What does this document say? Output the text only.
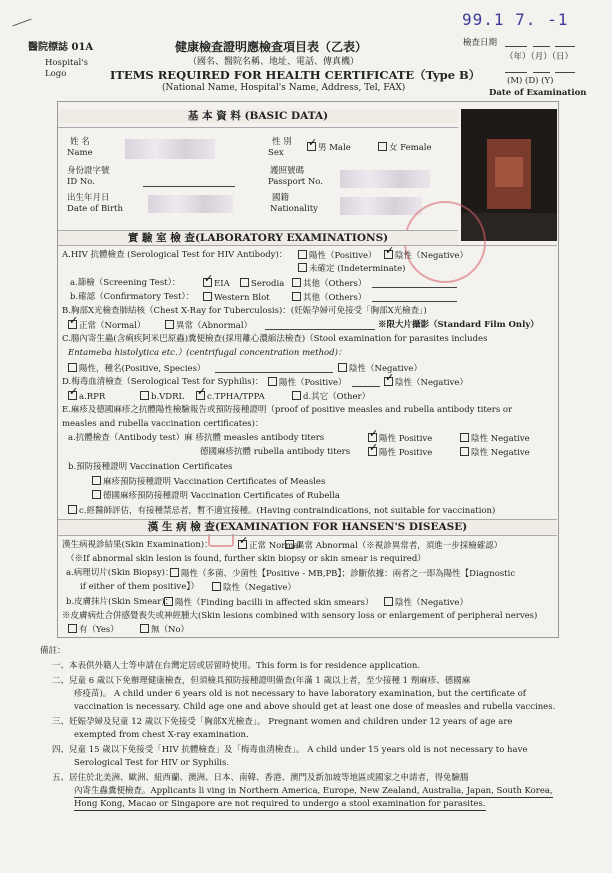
醫院標誌 01A
Hospital's Logo
健康檢查證明應檢查項目表（乙表）
（國名、醫院名稱、地址、電話、傳真機）
ITEMS REQUIRED FOR HEALTH CERTIFICATE（Type B）
(National Name, Hospital's Name, Address, Tel, FAX)
99.1 7. -1
檢查日期
（年）（月）（日）
(M) (D) (Y)
Date of Examination
基 本 資 料 (BASIC DATA)
姓 名
Name
性 別
Sex ✓	男 Male	女 Female
身份證字號
ID No.
護照號碼
Passport No.
出生年月日
Date of Birth
國籍
Nationality
實 驗 室 檢 查(LABORATORY EXAMINATIONS)
A.HIV 抗體檢查 (Serological Test for HIV Antibody)：	陽性（Positive） ✓	陰性（Negative）
未確定 (Indeterminate)
a.篩檢（Screening Test）： ✓	EIA	Serodia	其他（Others）
b.確認（Confirmatory Test）：	Western Blot	其他（Others）
B.胸部X光檢查肺結核（Chest X-Ray for Tuberculosis)：(妊娠孕婦可免接受「胸部X光檢查」)
✓正常（Normal）	異常（Abnormal）	※限大片攝影（Standard Film Only）
C.腸內寄生蟲(含痢疾阿米巴原蟲)糞便檢查(採用離心濃縮法檢查)（Stool examination for parasites includes
Entameba histolytica etc.）(centrifugal concentration method)：
陽性，種名(Positive, Species）	陰性（Negative）
D.梅毒血清檢查（Serological Test for Syphilis)：	陽性（Positive） ✓	陰性（Negative）
✓a.RPR	b.VDRL ✓	c.TPHA/TPPA	d.其它（Other）
E.麻疹及德國麻疹之抗體陽性檢驗報告或預防接種證明（proof of positive measles and rubella antibody titers or
measles and rubella vaccination certificates)：
a.抗體檢查（Antibody test）麻 疹抗體 measles antibody titers ✓	陽性 Positive	陰性 Negative
德國麻疹抗體 rubella antibody titers ✓	陽性 Positive	陰性 Negative
b.預防接種證明 Vaccination Certificates
麻疹預防接種證明 Vaccination Certificates of Measles
德國麻疹預防接種證明 Vaccination Certificates of Rubella
c.經醫師評估，有接種禁忌者，暫不適宜接種。(Having contraindications, not suitable for vaccination)
漢 生 病 檢 查(EXAMINATION FOR HANSEN'S DISEASE)
漢生病視診結果(Skin Examination)： ✓	正常 Normal
異常 Abnormal（※視診異常者，須進一步採檢確認）
（※If abnormal skin lesion is found, further skin biopsy or skin smear is required）
a.病理切片(Skin Biopsy)： 陽性（多菌、少菌性【Positive - MB,PB】；診斷依據：兩者之一即為陽性【Diagnostic
if either of them positive】）	陰性（Negative）
b.皮膚抹片(Skin Smear)： 陽性（Finding bacilli in affected skin smears）	陰性（Negative）
※皮膚病灶合併感覺喪失或神經腫大(Skin lesions combined with sensory loss or enlargement of peripheral nerves)
有（Yes）	無（No）
備註：
一、本表供外籍人士等申請在台灣定居或居留時使用。This form is for residence application.
二、兒童 6 歲以下免辦理健康檢查，但須檢具預防接種證明備查(年滿 1 歲以上者，至少接種 1 劑麻疹、德國麻
疹疫苗)。 A child under 6 years old is not necessary to have laboratory examination, but the certificate of
vaccination is necessary. Child age one and above should get at least one dose of measles and rubella vaccines.
三、妊娠孕婦及兒童 12 歲以下免接受「胸部X光檢查」。 Pregnant women and children under 12 years of age are
exempted from chest X-ray examination.
四、兒童 15 歲以下免接受「HIV 抗體檢查」及「梅毒血清檢查」。 A child under 15 years old is not necessary to have
Serological Test for HIV or Syphilis.
五、居住於北美洲、歐洲、紐西蘭、澳洲、日本、南韓、香港、澳門及新加坡等地區或國家之申請者，得免驗腸
內寄生蟲糞便檢查。Applicants li ving in Northern America, Europe, New Zealand, Australia, Japan, South Korea,
Hong Kong, Macao or Singapore are not required to undergo a stool examination for parasites.
